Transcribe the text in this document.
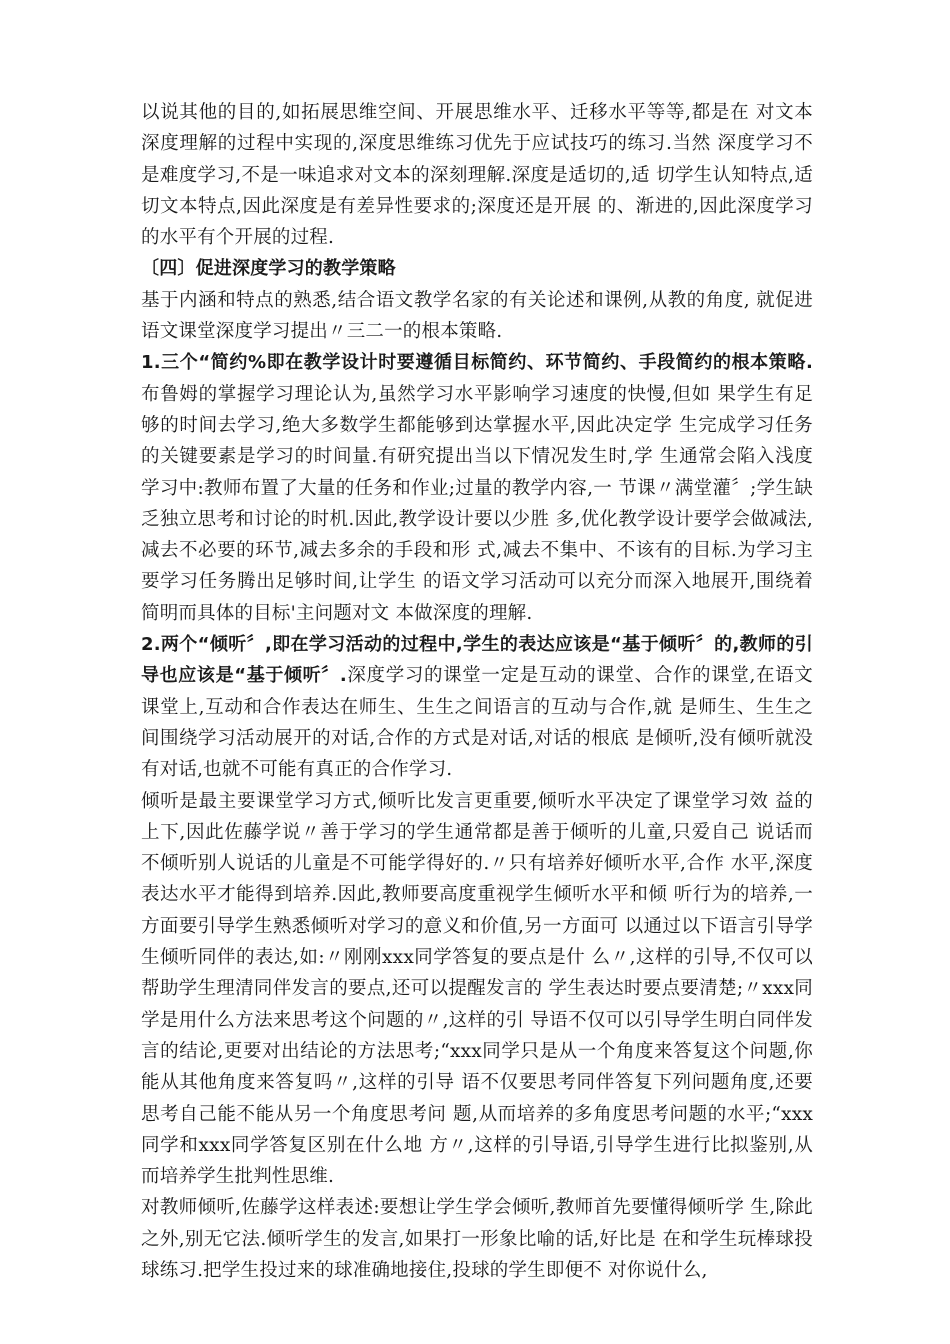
以说其他的目的,如拓展思维空间、开展思维水平、迁移水平等等,都是在 对文本深度理解的过程中实现的,深度思维练习优先于应试技巧的练习.当然 深度学习不是难度学习,不是一味追求对文本的深刻理解.深度是适切的,适 切学生认知特点,适切文本特点,因此深度是有差异性要求的;深度还是开展 的、渐进的,因此深度学习的水平有个开展的过程.

〔四〕促进深度学习的教学策略

基于内涵和特点的熟悉,结合语文教学名家的有关论述和课例,从教的角度, 就促进语文课堂深度学习提出〃三二一的根本策略.

1.三个“简约%即在教学设计时要遵循目标简约、环节简约、手段简约的根本策略.布鲁姆的掌握学习理论认为,虽然学习水平影响学习速度的快慢,但如 果学生有足够的时间去学习,绝大多数学生都能够到达掌握水平,因此决定学 生完成学习任务的关键要素是学习的时间量.有研究提出当以下情况发生时,学 生通常会陷入浅度学习中:教师布置了大量的任务和作业;过量的教学内容,一 节课〃满堂灌〞;学生缺乏独立思考和讨论的时机.因此,教学设计要以少胜 多,优化教学设计要学会做减法,减去不必要的环节,减去多余的手段和形 式,减去不集中、不该有的目标.为学习主要学习任务腾出足够时间,让学生 的语文学习活动可以充分而深入地展开,围绕着简明而具体的目标'主问题对文 本做深度的理解.

2.两个“倾听〞,即在学习活动的过程中,学生的表达应该是“基于倾听〞的,教师的引导也应该是“基于倾听〞.深度学习的课堂一定是互动的课堂、合作的课堂,在语文课堂上,互动和合作表达在师生、生生之间语言的互动与合作,就 是师生、生生之间围绕学习活动展开的对话,合作的方式是对话,对话的根底 是倾听,没有倾听就没有对话,也就不可能有真正的合作学习.

倾听是最主要课堂学习方式,倾听比发言更重要,倾听水平决定了课堂学习效 益的上下,因此佐藤学说〃善于学习的学生通常都是善于倾听的儿童,只爱自己 说话而不倾听别人说话的儿童是不可能学得好的.〃只有培养好倾听水平,合作 水平,深度表达水平才能得到培养.因此,教师要高度重视学生倾听水平和倾 听行为的培养,一方面要引导学生熟悉倾听对学习的意义和价值,另一方面可 以通过以下语言引导学生倾听同伴的表达,如:〃刚刚xxx同学答复的要点是什 么〃,这样的引导,不仅可以帮助学生理清同伴发言的要点,还可以提醒发言的 学生表达时要点要清楚;〃xxx同学是用什么方法来思考这个问题的〃,这样的引 导语不仅可以引导学生明白同伴发言的结论,更要对出结论的方法思考;“xxx同学只是从一个角度来答复这个问题,你能从其他角度来答复吗〃,这样的引导 语不仅要思考同伴答复下列问题角度,还要思考自己能不能从另一个角度思考问 题,从而培养的多角度思考问题的水平;“xxx同学和xxx同学答复区别在什么地 方〃,这样的引导语,引导学生进行比拟鉴别,从而培养学生批判性思维.

对教师倾听,佐藤学这样表述:要想让学生学会倾听,教师首先要懂得倾听学 生,除此之外,别无它法.倾听学生的发言,如果打一形象比喻的话,好比是 在和学生玩棒球投球练习.把学生投过来的球准确地接住,投球的学生即便不 对你说什么,
